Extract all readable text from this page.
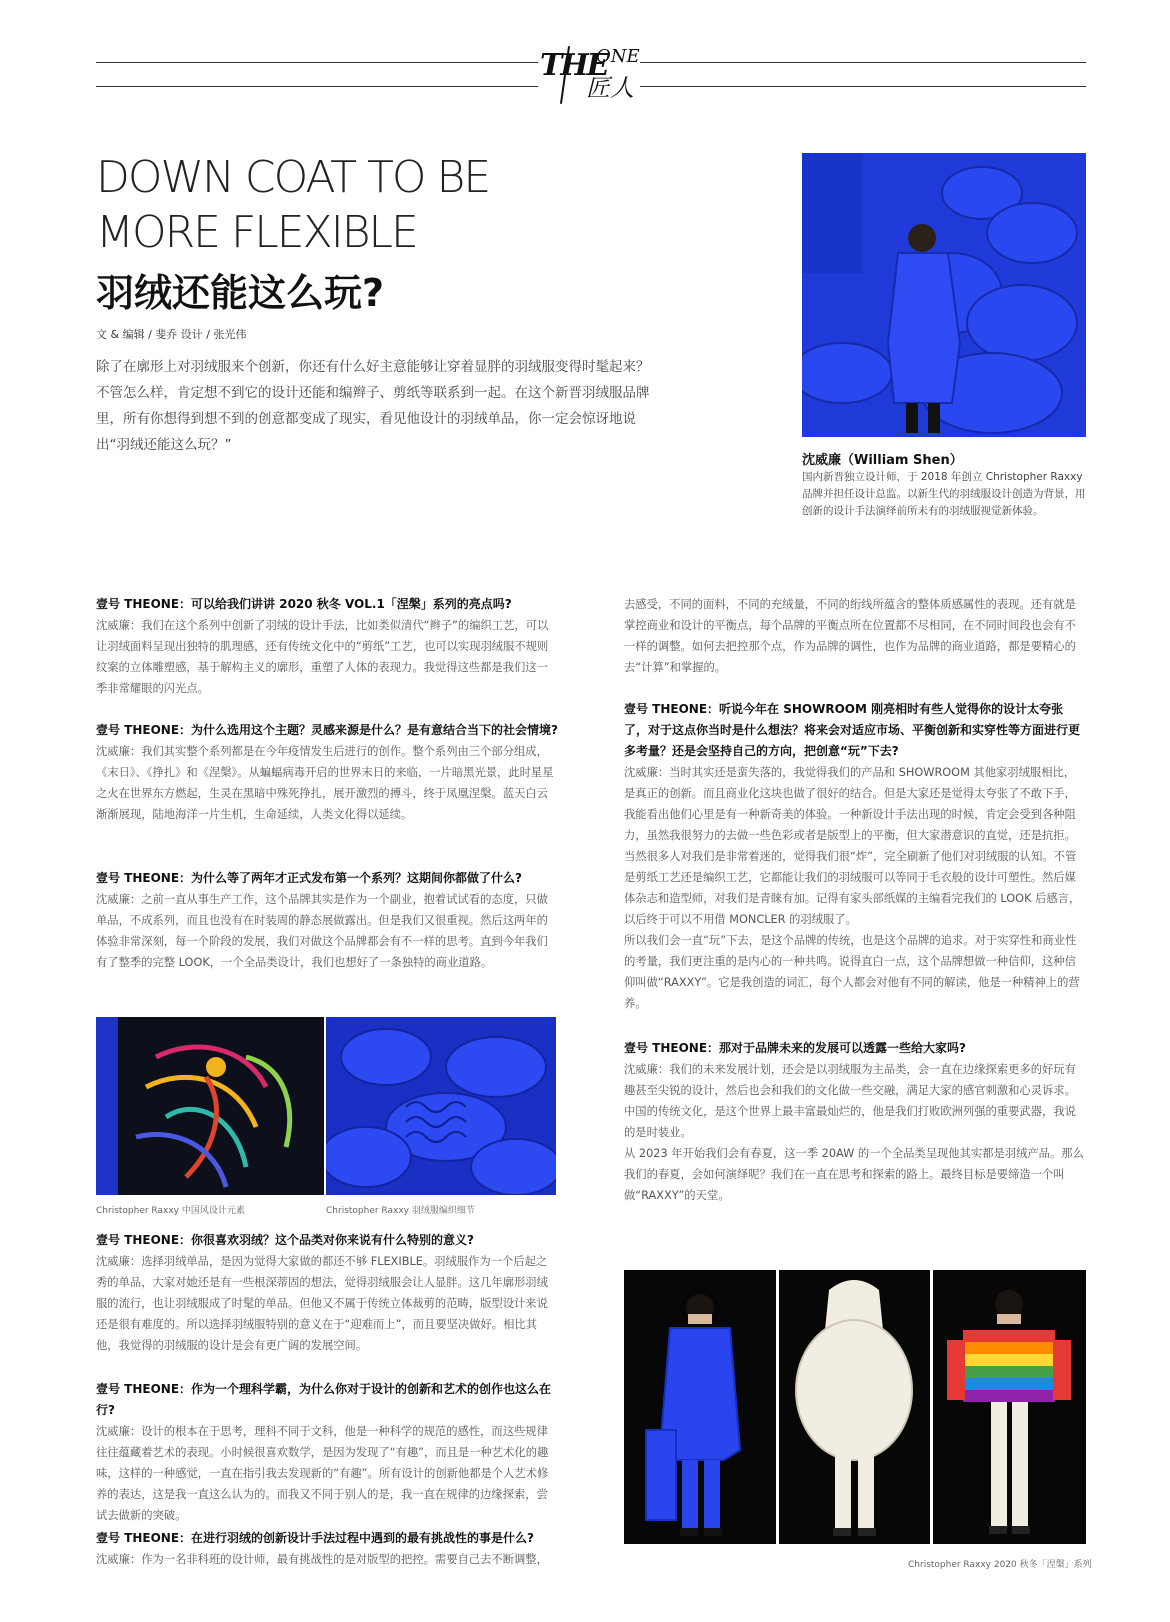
THE
ONE
匠人
DOWN COAT TO BE
MORE FLEXIBLE
羽绒还能这么玩?
文 & 编辑 / 斐乔 设计 / 张光伟
除了在廓形上对羽绒服来个创新，你还有什么好主意能够让穿着显胖的羽绒服变得时髦起来？不管怎么样，肯定想不到它的设计还能和编辫子、剪纸等联系到一起。在这个新晋羽绒服品牌里，所有你想得到想不到的创意都变成了现实，看见他设计的羽绒单品，你一定会惊讶地说出“羽绒还能这么玩？”
沈威廉（William Shen）
国内新晋独立设计师，于 2018 年创立 Christopher Raxxy 品牌并担任设计总监。以新生代的羽绒服设计创造为背景，用创新的设计手法演绎前所未有的羽绒服视觉新体验。

壹号 THEONE：可以给我们讲讲 2020 秋冬 VOL.1「涅槃」系列的亮点吗?

沈威廉：我们在这个系列中创新了羽绒的设计手法，比如类似清代“辫子”的编织工艺，可以让羽绒面料呈现出独特的肌理感，还有传统文化中的“剪纸”工艺，也可以实现羽绒服不规则纹案的立体雕塑感，基于解构主义的廓形，重塑了人体的表现力。我觉得这些都是我们这一季非常耀眼的闪光点。

壹号 THEONE：为什么选用这个主题？灵感来源是什么？是有意结合当下的社会情境?

沈威廉：我们其实整个系列都是在今年疫情发生后进行的创作。整个系列由三个部分组成，《末日》、《挣扎》和《涅槃》。从蝙蝠病毒开启的世界末日的来临，一片暗黑光景，此时星星之火在世界东方燃起，生灵在黑暗中殊死挣扎，展开激烈的搏斗，终于凤凰涅槃。蓝天白云渐渐展现，陆地海洋一片生机，生命延续，人类文化得以延续。

壹号 THEONE：为什么等了两年才正式发布第一个系列？这期间你都做了什么?

沈威廉：之前一直从事生产工作，这个品牌其实是作为一个副业，抱着试试看的态度，只做单品，不成系列，而且也没有在时装周的静态展做露出。但是我们又很重视。然后这两年的体验非常深刻，每一个阶段的发展，我们对做这个品牌都会有不一样的思考。直到今年我们有了整季的完整 LOOK，一个全品类设计，我们也想好了一条独特的商业道路。
Christopher Raxxy 中国风设计元素	Christopher Raxxy 羽绒服编织细节

壹号 THEONE：你很喜欢羽绒？这个品类对你来说有什么特别的意义?

沈威廉：选择羽绒单品，是因为觉得大家做的都还不够 FLEXIBLE。羽绒服作为一个后起之秀的单品，大家对她还是有一些根深蒂固的想法，觉得羽绒服会让人显胖。这几年廓形羽绒服的流行，也让羽绒服成了时髦的单品。但他又不属于传统立体裁剪的范畴，版型设计来说还是很有难度的。所以选择羽绒服特别的意义在于“迎难而上”，而且要坚决做好。相比其他，我觉得的羽绒服的设计是会有更广阔的发展空间。

壹号 THEONE：作为一个理科学霸，为什么你对于设计的创新和艺术的创作也这么在行?

沈威廉：设计的根本在于思考，理科不同于文科，他是一种科学的规范的感性，而这些规律往往蕴藏着艺术的表现。小时候很喜欢数学，是因为发现了“有趣”，而且是一种艺术化的趣味，这样的一种感觉，一直在指引我去发现新的“有趣”。所有设计的创新他都是个人艺术修养的表达，这是我一直这么认为的。而我又不同于别人的是，我一直在规律的边缘探索，尝试去做新的突破。

壹号 THEONE：在进行羽绒的创新设计手法过程中遇到的最有挑战性的事是什么?

沈威廉：作为一名非科班的设计师，最有挑战性的是对版型的把控。需要自己去不断调整，
去感受，不同的面料，不同的充绒量，不同的绗线所蕴含的整体质感属性的表现。还有就是掌控商业和设计的平衡点，每个品牌的平衡点所在位置都不尽相同，在不同时间段也会有不一样的调整。如何去把控那个点，作为品牌的调性，也作为品牌的商业道路，都是要精心的去“计算”和掌握的。

壹号 THEONE：听说今年在 SHOWROOM 刚亮相时有些人觉得你的设计太夸张了，对于这点你当时是什么想法？将来会对适应市场、平衡创新和实穿性等方面进行更多考量？还是会坚持自己的方向，把创意“玩”下去?

沈威廉：当时其实还是蛮失落的，我觉得我们的产品和 SHOWROOM 其他家羽绒服相比，是真正的创新。而且商业化这块也做了很好的结合。但是大家还是觉得太夸张了不敢下手，我能看出他们心里是有一种新奇美的体验。一种新设计手法出现的时候，肯定会受到各种阻力，虽然我很努力的去做一些色彩或者是版型上的平衡，但大家潜意识的直觉，还是抗拒。当然很多人对我们是非常着迷的，觉得我们很“炸”，完全刷新了他们对羽绒服的认知。不管是剪纸工艺还是编织工艺，它都能让我们的羽绒服可以等同于毛衣般的设计可塑性。然后媒体杂志和造型师，对我们是青睐有加。记得有家头部纸媒的主编看完我们的 LOOK 后感言，以后终于可以不用借 MONCLER 的羽绒服了。

所以我们会一直“玩”下去，是这个品牌的传统，也是这个品牌的追求。对于实穿性和商业性的考量，我们更注重的是内心的一种共鸣。说得直白一点，这个品牌想做一种信仰，这种信仰叫做“RAXXY”。它是我创造的词汇，每个人都会对他有不同的解读，他是一种精神上的营养。

壹号 THEONE：那对于品牌未来的发展可以透露一些给大家吗?

沈威廉：我们的未来发展计划，还会是以羽绒服为主品类，会一直在边缘探索更多的好玩有趣甚至尖锐的设计，然后也会和我们的文化做一些交融，满足大家的感官刺激和心灵诉求。中国的传统文化，是这个世界上最丰富最灿烂的，他是我们打败欧洲列强的重要武器，我说的是时装业。

从 2023 年开始我们会有春夏，这一季 20AW 的一个全品类呈现他其实都是羽绒产品。那么我们的春夏，会如何演绎呢？我们在一直在思考和探索的路上。最终目标是要缔造一个叫做“RAXXY”的天堂。

Christopher Raxxy 2020 秋冬「涅槃」系列
